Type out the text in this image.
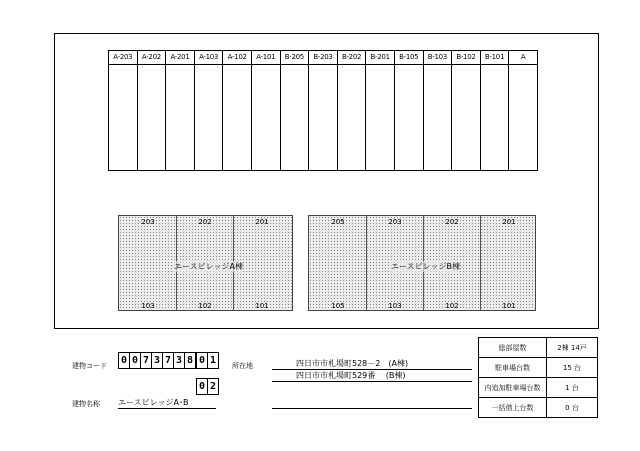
A-203	A-202	A-201	A-103	A-102	A-101	B-205	B-203	B-202	B-201	B-105	B-103	B-102	B-101	A
203	202	201
エースビレッジA棟
103	102	101
205	203	202	201
エースビレッジB棟
105	103	102	101
建物コード 0 0 7 3 7 3 8 0 1
0 2
建物名称 エースビレッジA･B
所在地	四日市市札場町528－2　(A棟)
四日市市札場町529番　 (B棟)
総部屋数	2棟 14戸
駐車場台数	15 台
内追加駐車場台数	1 台
一括借上台数	0 台
